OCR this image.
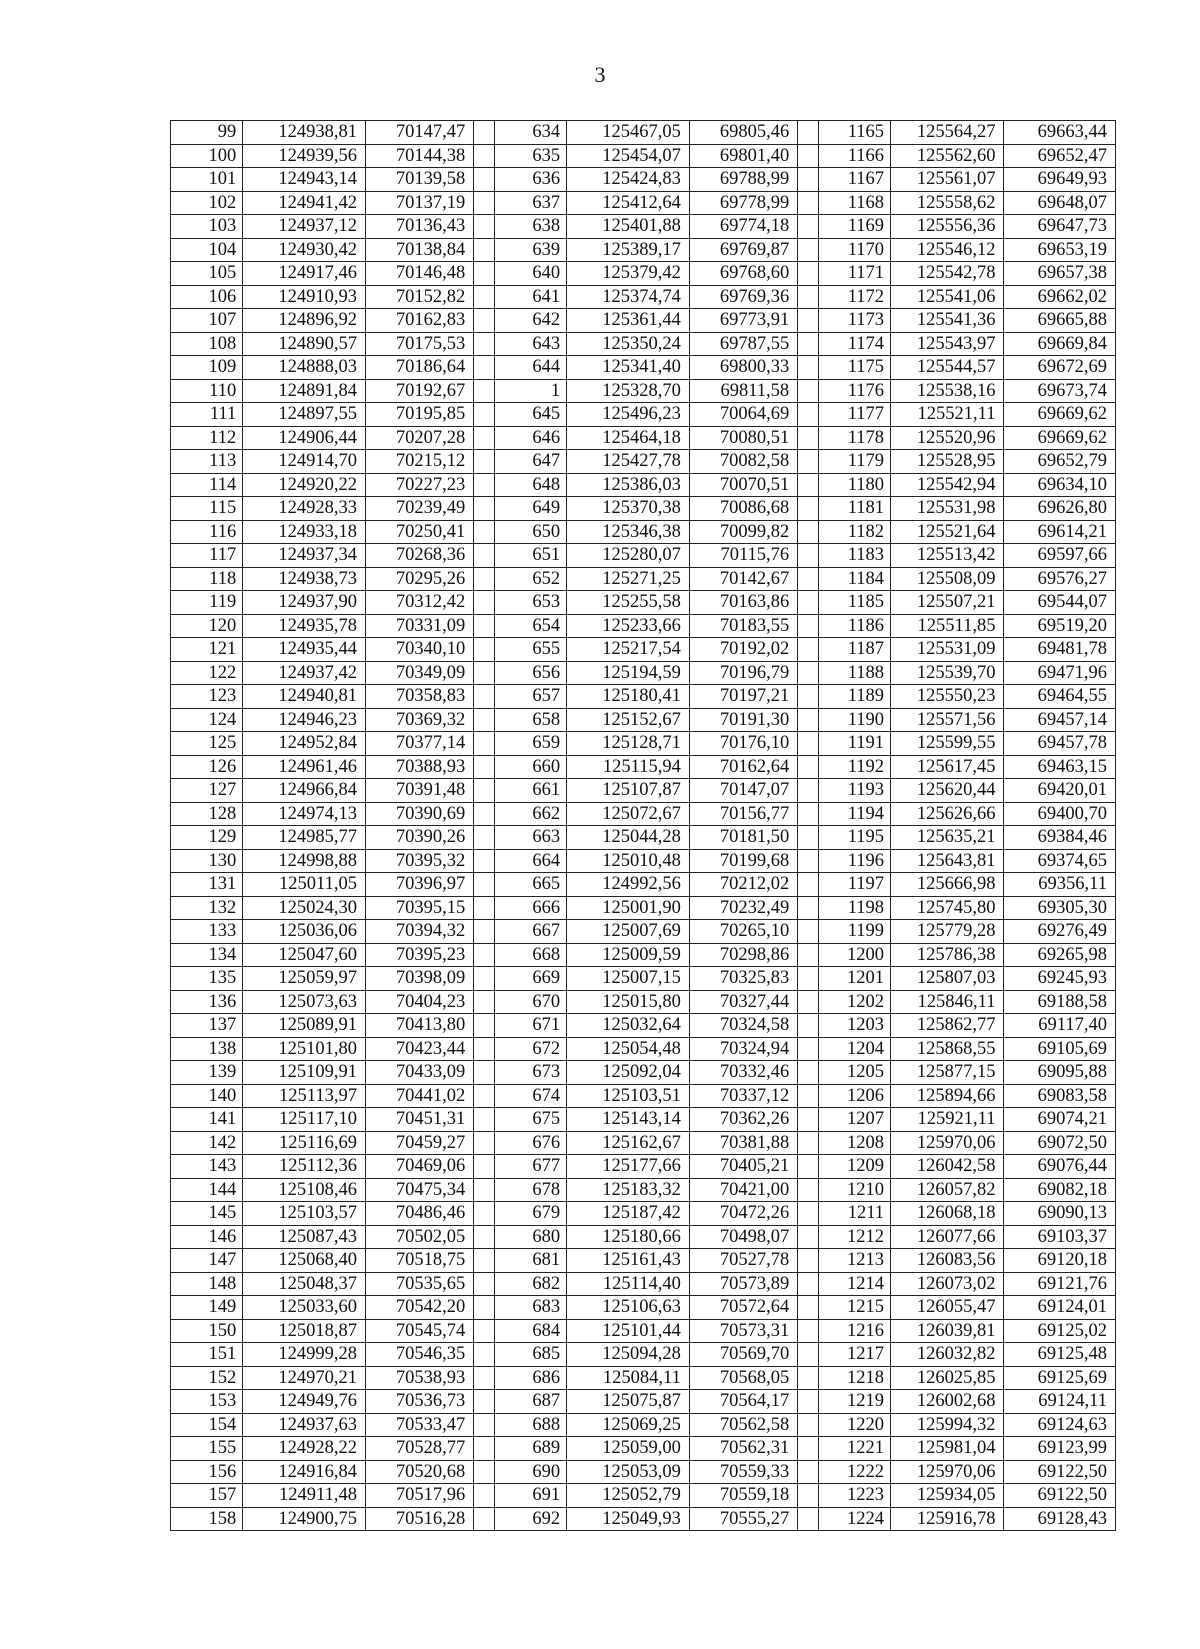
3
99	124938,81	70147,47		634	125467,05	69805,46		1165	125564,27	69663,44
100	124939,56	70144,38		635	125454,07	69801,40		1166	125562,60	69652,47
101	124943,14	70139,58		636	125424,83	69788,99		1167	125561,07	69649,93
102	124941,42	70137,19		637	125412,64	69778,99		1168	125558,62	69648,07
103	124937,12	70136,43		638	125401,88	69774,18		1169	125556,36	69647,73
104	124930,42	70138,84		639	125389,17	69769,87		1170	125546,12	69653,19
105	124917,46	70146,48		640	125379,42	69768,60		1171	125542,78	69657,38
106	124910,93	70152,82		641	125374,74	69769,36		1172	125541,06	69662,02
107	124896,92	70162,83		642	125361,44	69773,91		1173	125541,36	69665,88
108	124890,57	70175,53		643	125350,24	69787,55		1174	125543,97	69669,84
109	124888,03	70186,64		644	125341,40	69800,33		1175	125544,57	69672,69
110	124891,84	70192,67		1	125328,70	69811,58		1176	125538,16	69673,74
111	124897,55	70195,85		645	125496,23	70064,69		1177	125521,11	69669,62
112	124906,44	70207,28		646	125464,18	70080,51		1178	125520,96	69669,62
113	124914,70	70215,12		647	125427,78	70082,58		1179	125528,95	69652,79
114	124920,22	70227,23		648	125386,03	70070,51		1180	125542,94	69634,10
115	124928,33	70239,49		649	125370,38	70086,68		1181	125531,98	69626,80
116	124933,18	70250,41		650	125346,38	70099,82		1182	125521,64	69614,21
117	124937,34	70268,36		651	125280,07	70115,76		1183	125513,42	69597,66
118	124938,73	70295,26		652	125271,25	70142,67		1184	125508,09	69576,27
119	124937,90	70312,42		653	125255,58	70163,86		1185	125507,21	69544,07
120	124935,78	70331,09		654	125233,66	70183,55		1186	125511,85	69519,20
121	124935,44	70340,10		655	125217,54	70192,02		1187	125531,09	69481,78
122	124937,42	70349,09		656	125194,59	70196,79		1188	125539,70	69471,96
123	124940,81	70358,83		657	125180,41	70197,21		1189	125550,23	69464,55
124	124946,23	70369,32		658	125152,67	70191,30		1190	125571,56	69457,14
125	124952,84	70377,14		659	125128,71	70176,10		1191	125599,55	69457,78
126	124961,46	70388,93		660	125115,94	70162,64		1192	125617,45	69463,15
127	124966,84	70391,48		661	125107,87	70147,07		1193	125620,44	69420,01
128	124974,13	70390,69		662	125072,67	70156,77		1194	125626,66	69400,70
129	124985,77	70390,26		663	125044,28	70181,50		1195	125635,21	69384,46
130	124998,88	70395,32		664	125010,48	70199,68		1196	125643,81	69374,65
131	125011,05	70396,97		665	124992,56	70212,02		1197	125666,98	69356,11
132	125024,30	70395,15		666	125001,90	70232,49		1198	125745,80	69305,30
133	125036,06	70394,32		667	125007,69	70265,10		1199	125779,28	69276,49
134	125047,60	70395,23		668	125009,59	70298,86		1200	125786,38	69265,98
135	125059,97	70398,09		669	125007,15	70325,83		1201	125807,03	69245,93
136	125073,63	70404,23		670	125015,80	70327,44		1202	125846,11	69188,58
137	125089,91	70413,80		671	125032,64	70324,58		1203	125862,77	69117,40
138	125101,80	70423,44		672	125054,48	70324,94		1204	125868,55	69105,69
139	125109,91	70433,09		673	125092,04	70332,46		1205	125877,15	69095,88
140	125113,97	70441,02		674	125103,51	70337,12		1206	125894,66	69083,58
141	125117,10	70451,31		675	125143,14	70362,26		1207	125921,11	69074,21
142	125116,69	70459,27		676	125162,67	70381,88		1208	125970,06	69072,50
143	125112,36	70469,06		677	125177,66	70405,21		1209	126042,58	69076,44
144	125108,46	70475,34		678	125183,32	70421,00		1210	126057,82	69082,18
145	125103,57	70486,46		679	125187,42	70472,26		1211	126068,18	69090,13
146	125087,43	70502,05		680	125180,66	70498,07		1212	126077,66	69103,37
147	125068,40	70518,75		681	125161,43	70527,78		1213	126083,56	69120,18
148	125048,37	70535,65		682	125114,40	70573,89		1214	126073,02	69121,76
149	125033,60	70542,20		683	125106,63	70572,64		1215	126055,47	69124,01
150	125018,87	70545,74		684	125101,44	70573,31		1216	126039,81	69125,02
151	124999,28	70546,35		685	125094,28	70569,70		1217	126032,82	69125,48
152	124970,21	70538,93		686	125084,11	70568,05		1218	126025,85	69125,69
153	124949,76	70536,73		687	125075,87	70564,17		1219	126002,68	69124,11
154	124937,63	70533,47		688	125069,25	70562,58		1220	125994,32	69124,63
155	124928,22	70528,77		689	125059,00	70562,31		1221	125981,04	69123,99
156	124916,84	70520,68		690	125053,09	70559,33		1222	125970,06	69122,50
157	124911,48	70517,96		691	125052,79	70559,18		1223	125934,05	69122,50
158	124900,75	70516,28		692	125049,93	70555,27		1224	125916,78	69128,43
